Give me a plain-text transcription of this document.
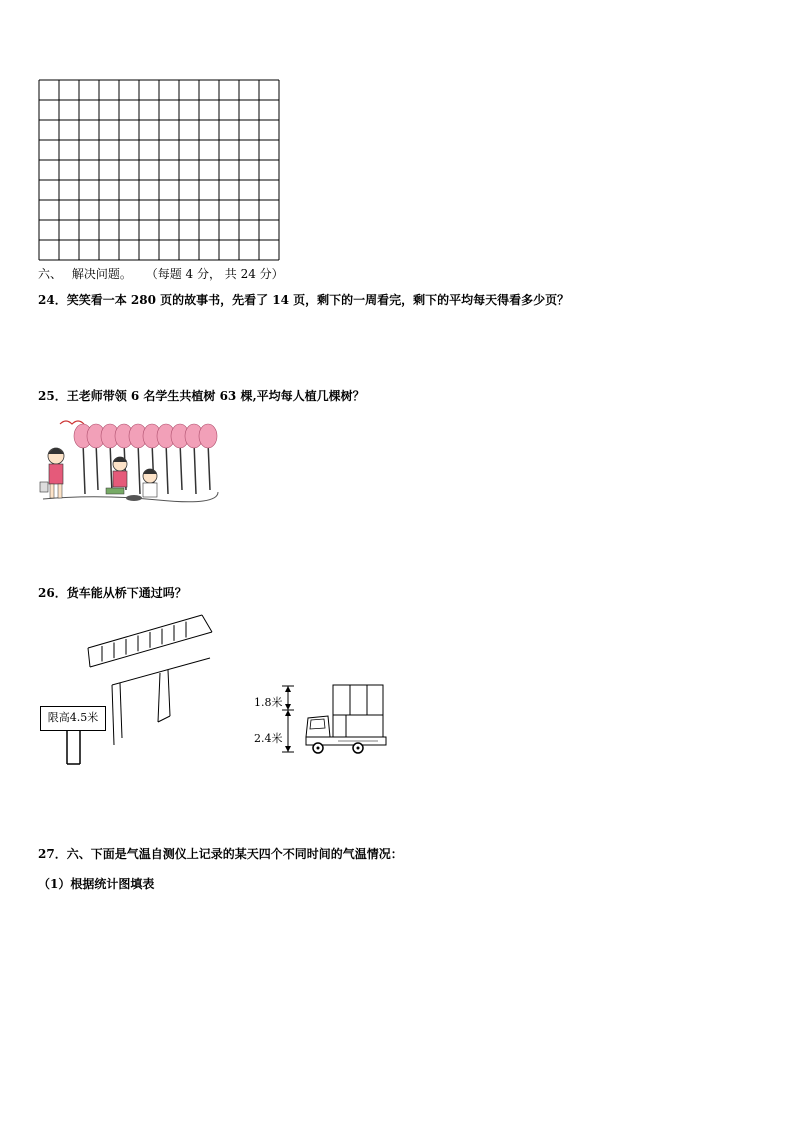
六、 解决问题。 （每题 4 分， 共 24 分）
24．笑笑看一本 280 页的故事书，先看了 14 页，剩下的一周看完，剩下的平均每天得看多少页？
25．王老师带领 6 名学生共植树 63 棵,平均每人植几棵树？
26．货车能从桥下通过吗？
限高4.5米
1.8米
2.4米
27．六、下面是气温自测仪上记录的某天四个不同时间的气温情况：
（1）根据统计图填表
